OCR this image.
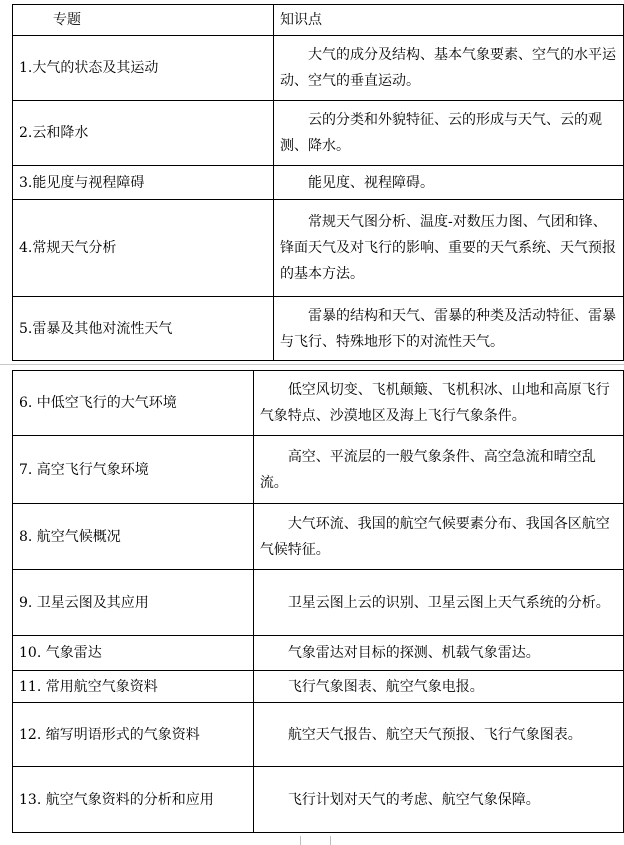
专题	知识点
1.大气的状态及其运动	大气的成分及结构、基本气象要素、空气的水平运动、空气的垂直运动。

2.云和降水	云的分类和外貌特征、云的形成与天气、云的观测、降水。

3.能见度与视程障碍	能见度、视程障碍。

4.常规天气分析	常规天气图分析、温度-对数压力图、气团和锋、锋面天气及对飞行的影响、重要的天气系统、天气预报的基本方法。

5.雷暴及其他对流性天气	雷暴的结构和天气、雷暴的种类及活动特征、雷暴与飞行、特殊地形下的对流性天气。
6. 中低空飞行的大气环境	低空风切变、飞机颠簸、飞机积冰、山地和高原飞行气象特点、沙漠地区及海上飞行气象条件。

7. 高空飞行气象环境	高空、平流层的一般气象条件、高空急流和晴空乱流。

8. 航空气候概况	大气环流、我国的航空气候要素分布、我国各区航空气候特征。

9. 卫星云图及其应用	卫星云图上云的识别、卫星云图上天气系统的分析。

10. 气象雷达	气象雷达对目标的探测、机载气象雷达。

11. 常用航空气象资料	飞行气象图表、航空气象电报。

12. 缩写明语形式的气象资料	航空天气报告、航空天气预报、飞行气象图表。

13. 航空气象资料的分析和应用	飞行计划对天气的考虑、航空气象保障。
